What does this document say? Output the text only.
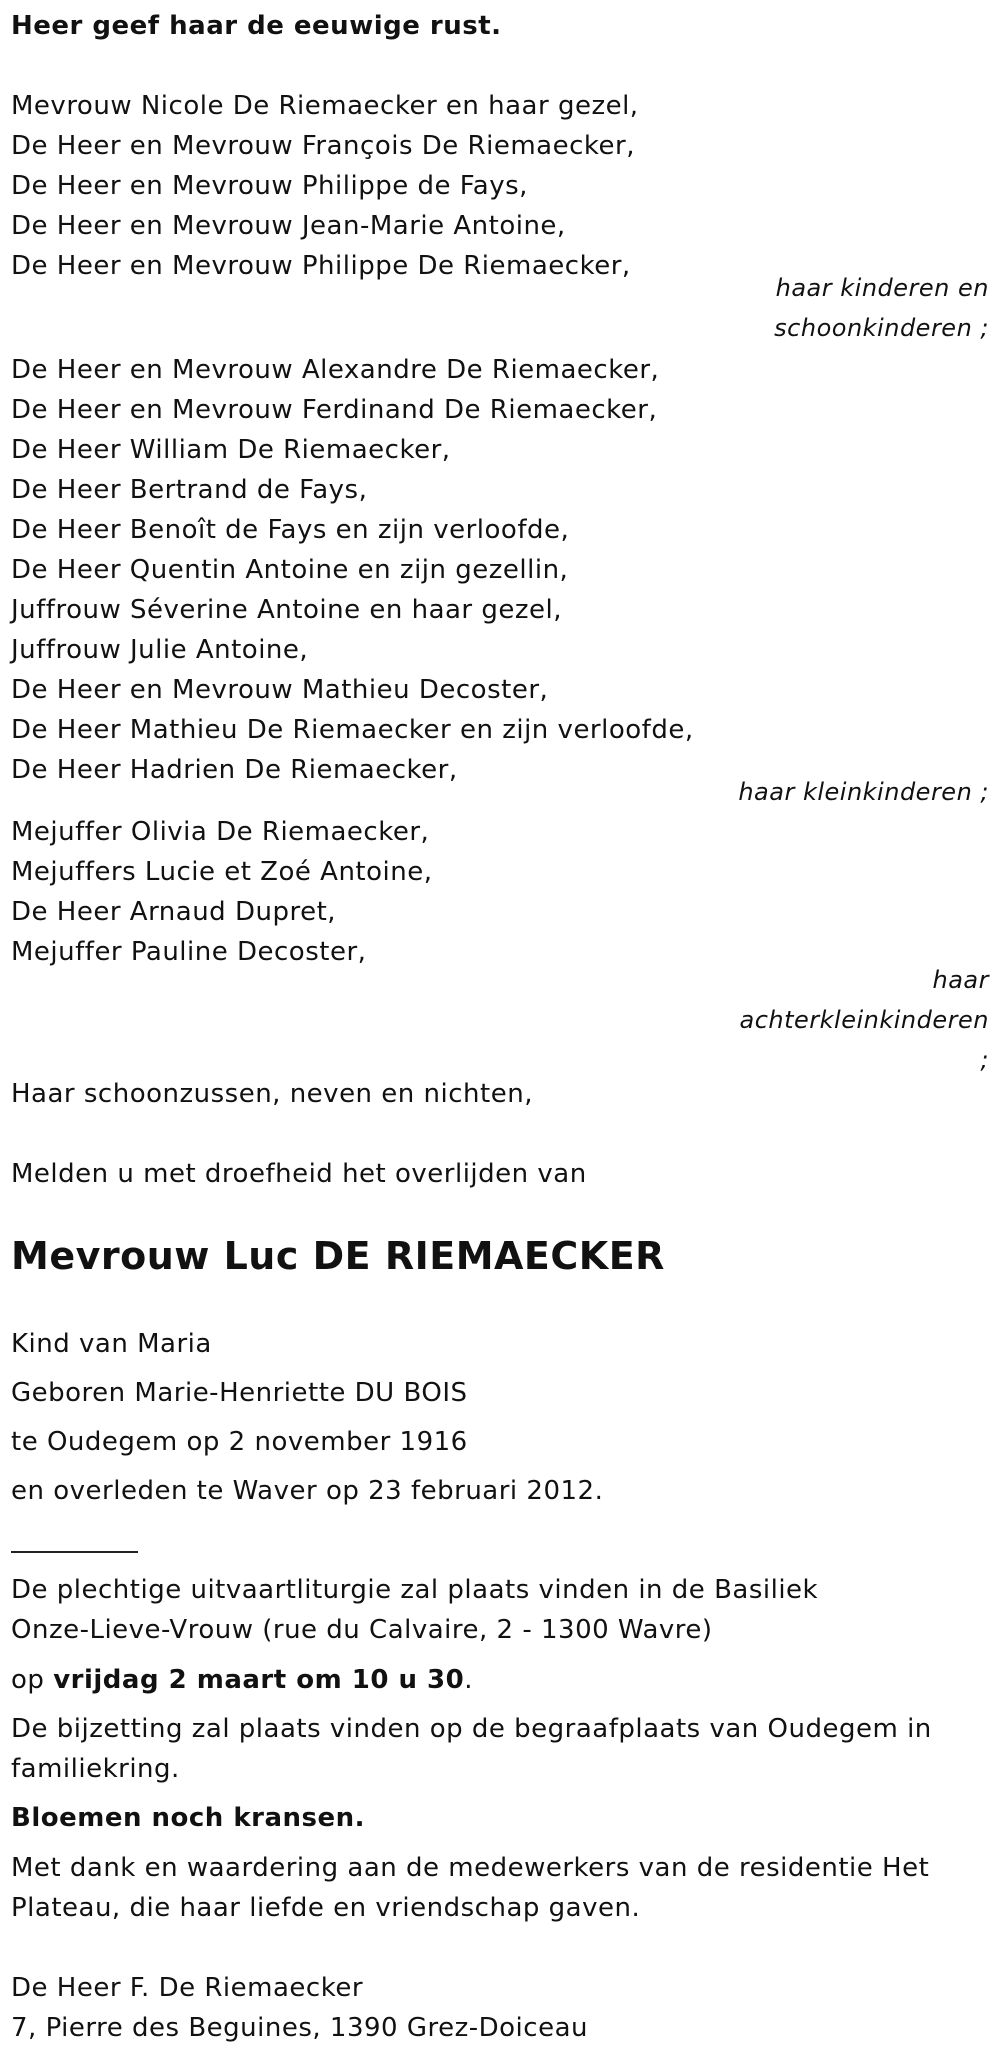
Heer geef haar de eeuwige rust.
Mevrouw Nicole De Riemaecker en haar gezel,
De Heer en Mevrouw François De Riemaecker,
De Heer en Mevrouw Philippe de Fays,
De Heer en Mevrouw Jean-Marie Antoine,
De Heer en Mevrouw Philippe De Riemaecker,
haar kinderen en
schoonkinderen ;
De Heer en Mevrouw Alexandre De Riemaecker,
De Heer en Mevrouw Ferdinand De Riemaecker,
De Heer William De Riemaecker,
De Heer Bertrand de Fays,
De Heer Benoît de Fays en zijn verloofde,
De Heer Quentin Antoine en zijn gezellin,
Juffrouw Séverine Antoine en haar gezel,
Juffrouw Julie Antoine,
De Heer en Mevrouw Mathieu Decoster,
De Heer Mathieu De Riemaecker en zijn verloofde,
De Heer Hadrien De Riemaecker,
haar kleinkinderen ;
Mejuffer Olivia De Riemaecker,
Mejuffers Lucie et Zoé Antoine,
De Heer Arnaud Dupret,
Mejuffer Pauline Decoster,
haar
achterkleinkinderen
;
Haar schoonzussen, neven en nichten,
Melden u met droefheid het overlijden van
Mevrouw Luc DE RIEMAECKER
Kind van Maria
Geboren Marie-Henriette DU BOIS
te Oudegem op 2 november 1916
en overleden te Waver op 23 februari 2012.
De plechtige uitvaartliturgie zal plaats vinden in de Basiliek
Onze-Lieve-Vrouw (rue du Calvaire, 2 - 1300 Wavre)
op vrijdag 2 maart om 10 u 30.
De bijzetting zal plaats vinden op de begraafplaats van Oudegem in
familiekring.
Bloemen noch kransen.
Met dank en waardering aan de medewerkers van de residentie Het
Plateau, die haar liefde en vriendschap gaven.
De Heer F. De Riemaecker
7, Pierre des Beguines, 1390 Grez-Doiceau
